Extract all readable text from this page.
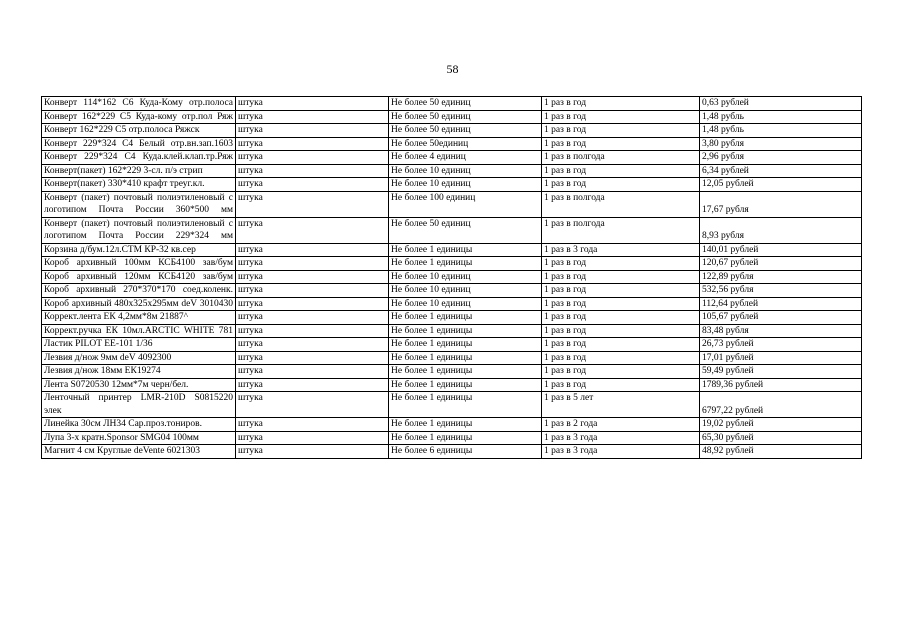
58
Конверт 114*162 С6 Куда-Кому отр.полоса	штука	Не более 50 единиц	1 раз в год	0,63 рублей
Конверт 162*229 С5 Куда-кому отр.пол Ряж	штука	Не более 50 единиц	1 раз в год	1,48 рубль
Конверт 162*229 С5 отр.полоса Ряжск	штука	Не более 50 единиц	1 раз в год	1,48 рубль
Конверт 229*324 С4 Белый отр.вн.зап.1603	штука	Не более 50единиц	1 раз в год	3,80 рубля
Конверт 229*324 С4 Куда.клей.клап.тр.Ряж	штука	Не более 4 единиц	1 раз в полгода	2,96 рубля
Конверт(пакет) 162*229 3-сл. п/э стрип	штука	Не более 10 единиц	1 раз в год	6,34 рублей
Конверт(пакет) 330*410 крафт треуг.кл.	штука	Не более 10 единиц	1 раз в год	12,05 рублей
Конверт (пакет) почтовый полиэтиленовый с логотипом Почта России 360*500 мм	штука	Не более 100 единиц	1 раз в полгода	17,67 рубля
Конверт (пакет) почтовый полиэтиленовый с логотипом Почта России 229*324 мм	штука	Не более 50 единиц	1 раз в полгода	8,93 рубля
Корзина д/бум.12л.СТМ КР-32 кв.сер	штука	Не более 1 единицы	1 раз в 3 года	140,01 рублей
Короб архивный 100мм КСБ4100 зав/бум	штука	Не более 1 единицы	1 раз в год	120,67 рублей
Короб архивный 120мм КСБ4120 зав/бум	штука	Не более 10 единиц	1 раз в год	122,89 рубля
Короб архивный 270*370*170 соед.коленк.	штука	Не более 10 единиц	1 раз в год	532,56 рубля
Короб архивный 480х325х295мм deV 3010430	штука	Не более 10 единиц	1 раз в год	112,64 рублей
Коррект.лента ЕК 4,2мм*8м 21887^	штука	Не более 1 единицы	1 раз в год	105,67 рублей
Коррект.ручка ЕК 10мл.ARCTIC WHITE 781	штука	Не более 1 единицы	1 раз в год	83,48 рубля
Ластик PILOT EE-101 1/36	штука	Не более 1 единицы	1 раз в год	26,73 рублей
Лезвия д/нож 9мм deV 4092300	штука	Не более 1 единицы	1 раз в год	17,01 рублей
Лезвия д/нож 18мм ЕК19274	штука	Не более 1 единицы	1 раз в год	59,49 рублей
Лента S0720530 12мм*7м черн/бел.	штука	Не более 1 единицы	1 раз в год	1789,36 рублей
Ленточный принтер LMR-210D S0815220 элек	штука	Не более 1 единицы	1 раз в 5 лет	6797,22 рублей
Линейка 30см ЛН34 Сар.проз.тониров.	штука	Не более 1 единицы	1 раз в 2 года	19,02 рублей
Лупа 3-х кратн.Sponsor SMG04 100мм	штука	Не более 1 единицы	1 раз в 3 года	65,30 рублей
Магнит 4 см Круглые deVente 6021303	штука	Не более 6 единицы	1 раз в 3 года	48,92 рублей
